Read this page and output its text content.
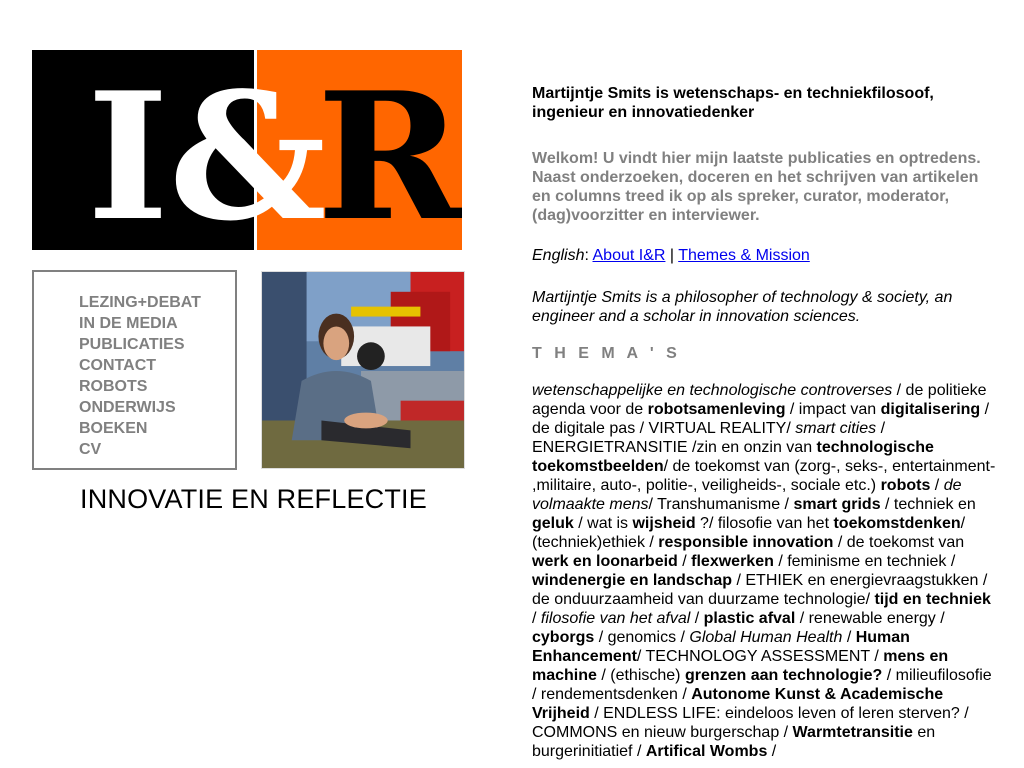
I&
R
LEZING+DEBAT
IN DE MEDIA
PUBLICATIES
CONTACT
ROBOTS
ONDERWIJS
BOEKEN
CV
INNOVATIE EN REFLECTIE

Martijntje Smits is wetenschaps- en techniekfilosoof, ingenieur en innovatiedenker

Welkom! U vindt hier mijn laatste publicaties en optredens. Naast onderzoeken, doceren en het schrijven van artikelen en columns treed ik op als spreker, curator, moderator, (dag)voorzitter en interviewer.

English: About I&R | Themes & Mission

Martijntje Smits is a philosopher of technology & society, an engineer and a scholar in innovation sciences.

T H E M A ' S

wetenschappelijke en technologische controverses / de politieke agenda voor de robotsamenleving / impact van digitalisering / de digitale pas / VIRTUAL REALITY/ smart cities / ENERGIETRANSITIE /zin en onzin van technologische toekomstbeelden/ de toekomst van (zorg-, seks-, entertainment- ,militaire, auto-, politie-, veiligheids-, sociale etc.) robots / de volmaakte mens/ Transhumanisme / smart grids / techniek en geluk / wat is wijsheid ?/ filosofie van het toekomstdenken/ (techniek)ethiek / responsible innovation / de toekomst van werk en loonarbeid / flexwerken / feminisme en techniek / windenergie en landschap / ETHIEK en energievraagstukken / de onduurzaamheid van duurzame technologie/ tijd en techniek / filosofie van het afval / plastic afval / renewable energy / cyborgs / genomics / Global Human Health / Human Enhancement/ TECHNOLOGY ASSESSMENT / mens en machine / (ethische) grenzen aan technologie? / milieufilosofie / rendementsdenken / Autonome Kunst & Academische Vrijheid / ENDLESS LIFE: eindeloos leven of leren sterven? / COMMONS en nieuw burgerschap / Warmtetransitie en burgerinitiatief / Artifical Wombs /
